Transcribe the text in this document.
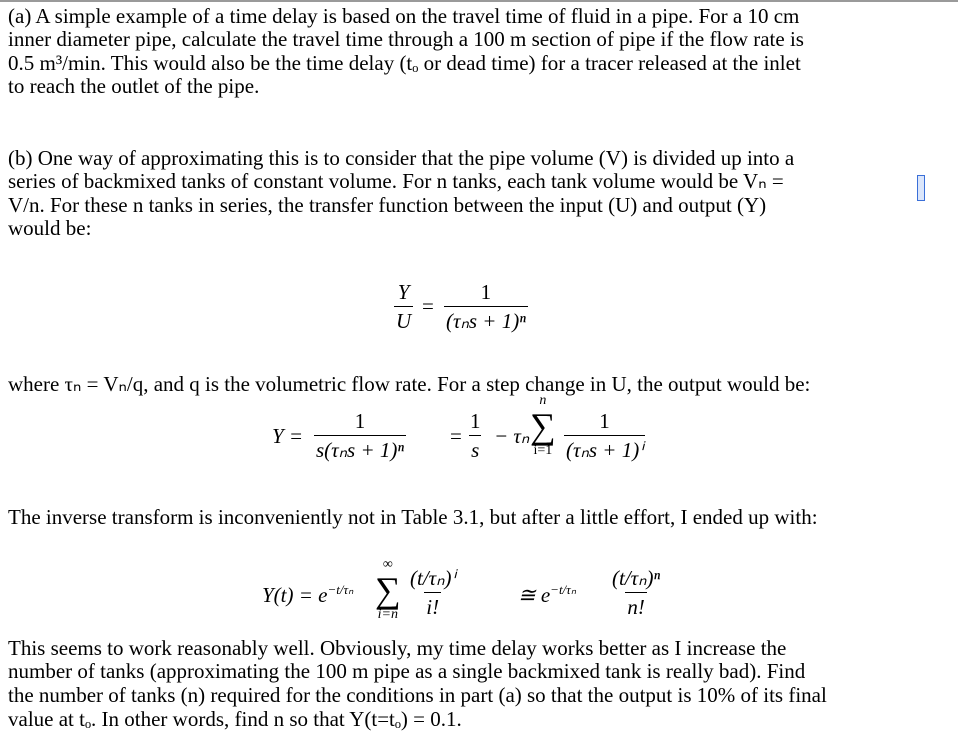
(a) A simple example of a time delay is based on the travel time of fluid in a pipe. For a 10 cm
inner diameter pipe, calculate the travel time through a 100 m section of pipe if the flow rate is
0.5 m³/min. This would also be the time delay (tₒ or dead time) for a tracer released at the inlet
to reach the outlet of the pipe.
(b) One way of approximating this is to consider that the pipe volume (V) is divided up into a
series of backmixed tanks of constant volume. For n tanks, each tank volume would be Vₙ =
V/n. For these n tanks in series, the transfer function between the input (U) and output (Y)
would be:
$\frac{Y}{U}$ =
1
(τₙs + 1)ⁿ
where τₙ = Vₙ/q, and q is the volumetric flow rate. For a step change in U, the output would be:
Y =
1
s(τₙs + 1)ⁿ
= $\frac{1}{s} - \tau_n$
n
∑
i=1
1
(τₙs + 1)ⁱ
The inverse transform is inconveniently not in Table 3.1, but after a little effort, I ended up with:
$Y(t) = e^{-t/\tau_n}$
∞
∑
$i=n \frac{\text{(t/τₙ)ⁱ}}{i!}$	≅ $e^{-t/\tau_n} \frac{\text{(t/τₙ)ⁿ}}{n!}$
This seems to work reasonably well. Obviously, my time delay works better as I increase the
number of tanks (approximating the 100 m pipe as a single backmixed tank is really bad). Find
the number of tanks (n) required for the conditions in part (a) so that the output is 10% of its final
value at tₒ. In other words, find n so that Y(t=tₒ) = 0.1.
